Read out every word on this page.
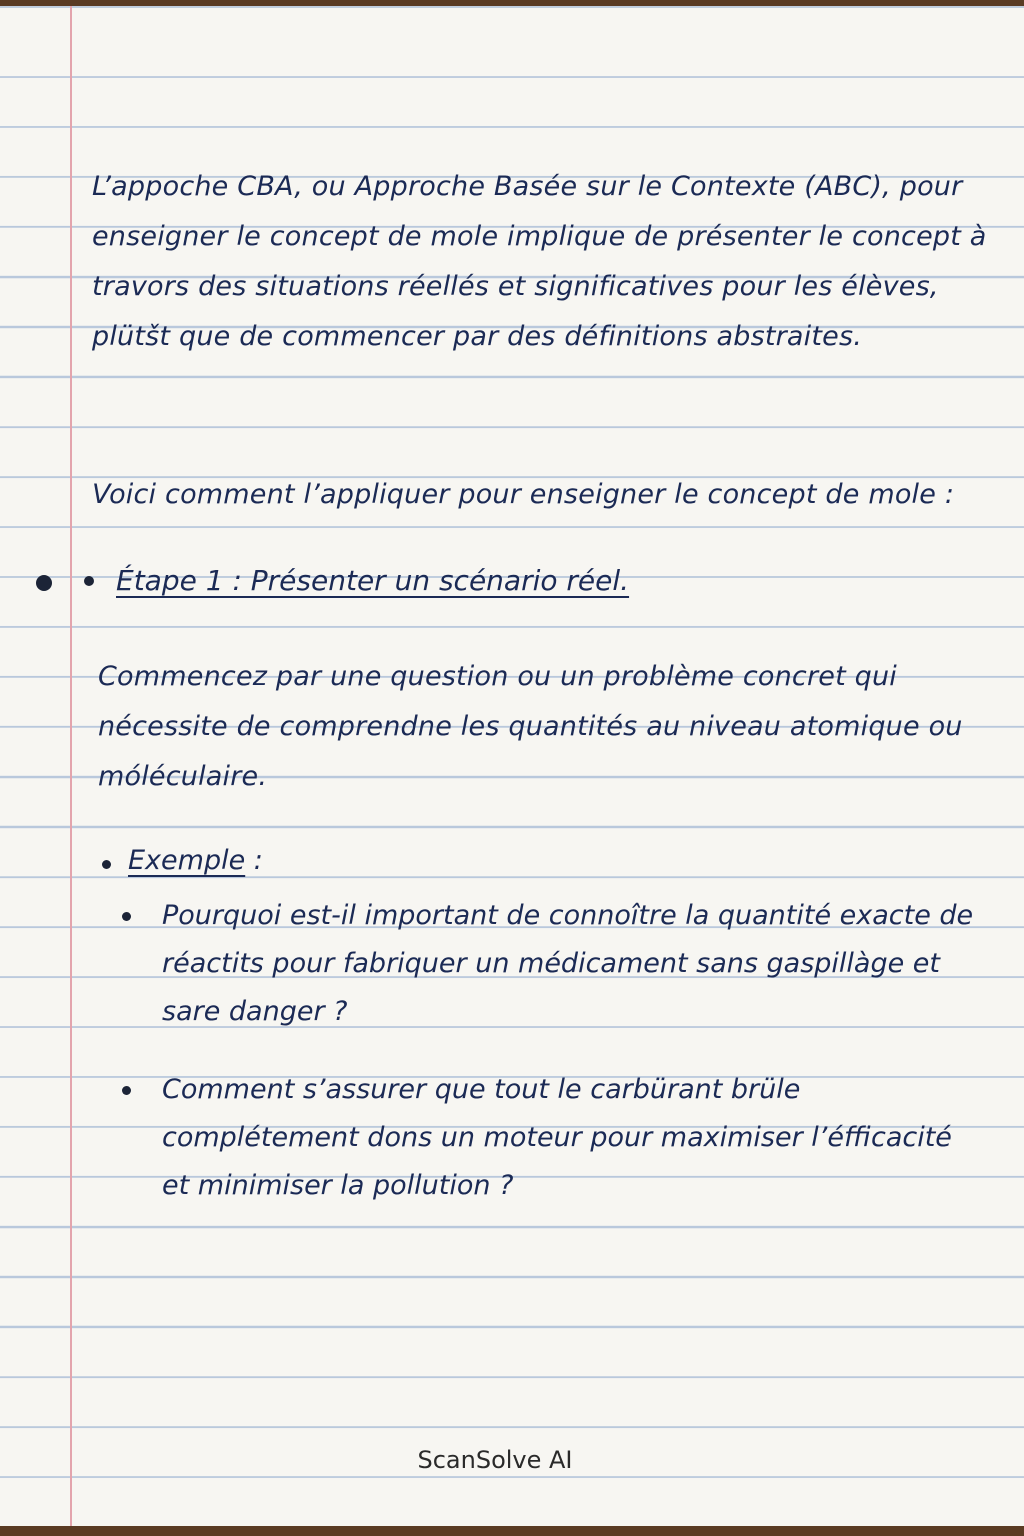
L’appoche CBA, ou Approche Basée sur le Contexte (ABC), pour enseigner le concept de mole implique de présenter le concept à travors des situations réellés et significatives pour les élèves, plütšt que de commencer par des définitions abstraites.

Voici comment l’appliquer pour enseigner le concept de mole :

Étape 1 : Présenter un scénario réel.

Commencez par une question ou un problème concret qui nécessite de comprendne les quantités au niveau atomique ou móléculaire.

Exemple :

Pourquoi est-il important de connoître la quantité exacte de réactits pour fabriquer un médicament sans gaspillàge et sare danger ?

Comment s’assurer que tout le carbürant brüle complétement dons un moteur pour maximiser l’éfficacité et minimiser la pollution ?

ScanSolve AI
